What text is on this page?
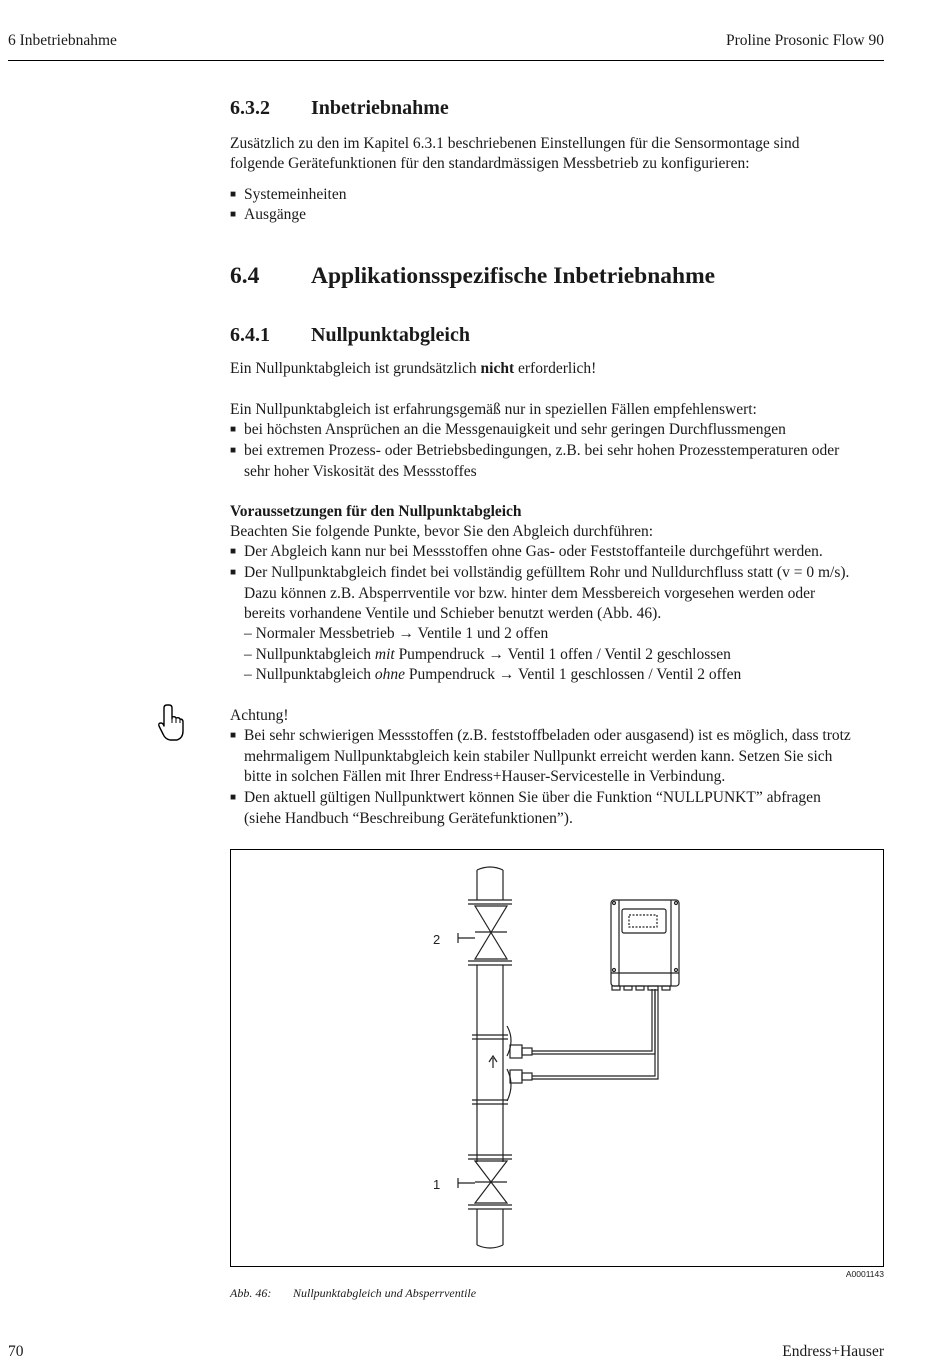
6 Inbetriebnahme	Proline Prosonic Flow 90
6.3.2 Inbetriebnahme
Zusätzlich zu den im Kapitel 6.3.1 beschriebenen Einstellungen für die Sensormontage sind
folgende Gerätefunktionen für den standardmässigen Messbetrieb zu konfigurieren:
■ Systemeinheiten
■ Ausgänge
6.4 Applikationsspezifische Inbetriebnahme
6.4.1 Nullpunktabgleich
Ein Nullpunktabgleich ist grundsätzlich nicht erforderlich!
Ein Nullpunktabgleich ist erfahrungsgemäß nur in speziellen Fällen empfehlenswert:
■ bei höchsten Ansprüchen an die Messgenauigkeit und sehr geringen Durchflussmengen
■ bei extremen Prozess- oder Betriebsbedingungen, z.B. bei sehr hohen Prozesstemperaturen oder
sehr hoher Viskosität des Messstoffes
Voraussetzungen für den Nullpunktabgleich
Beachten Sie folgende Punkte, bevor Sie den Abgleich durchführen:
■ Der Abgleich kann nur bei Messstoffen ohne Gas- oder Feststoffanteile durchgeführt werden.
■ Der Nullpunktabgleich findet bei vollständig gefülltem Rohr und Nulldurchfluss statt (v = 0 m/s).
Dazu können z.B. Absperrventile vor bzw. hinter dem Messbereich vorgesehen werden oder
bereits vorhandene Ventile und Schieber benutzt werden (Abb. 46).
– Normaler Messbetrieb → Ventile 1 und 2 offen
– Nullpunktabgleich mit Pumpendruck → Ventil 1 offen / Ventil 2 geschlossen
– Nullpunktabgleich ohne Pumpendruck → Ventil 1 geschlossen / Ventil 2 offen
Achtung!
■ Bei sehr schwierigen Messstoffen (z.B. feststoffbeladen oder ausgasend) ist es möglich, dass trotz
mehrmaligem Nullpunktabgleich kein stabiler Nullpunkt erreicht werden kann. Setzen Sie sich
bitte in solchen Fällen mit Ihrer Endress+Hauser-Servicestelle in Verbindung.
■ Den aktuell gültigen Nullpunktwert können Sie über die Funktion “NULLPUNKT” abfragen
(siehe Handbuch “Beschreibung Gerätefunktionen”).
2
1
A0001143
Abb. 46: Nullpunktabgleich und Absperrventile
70	Endress+Hauser
